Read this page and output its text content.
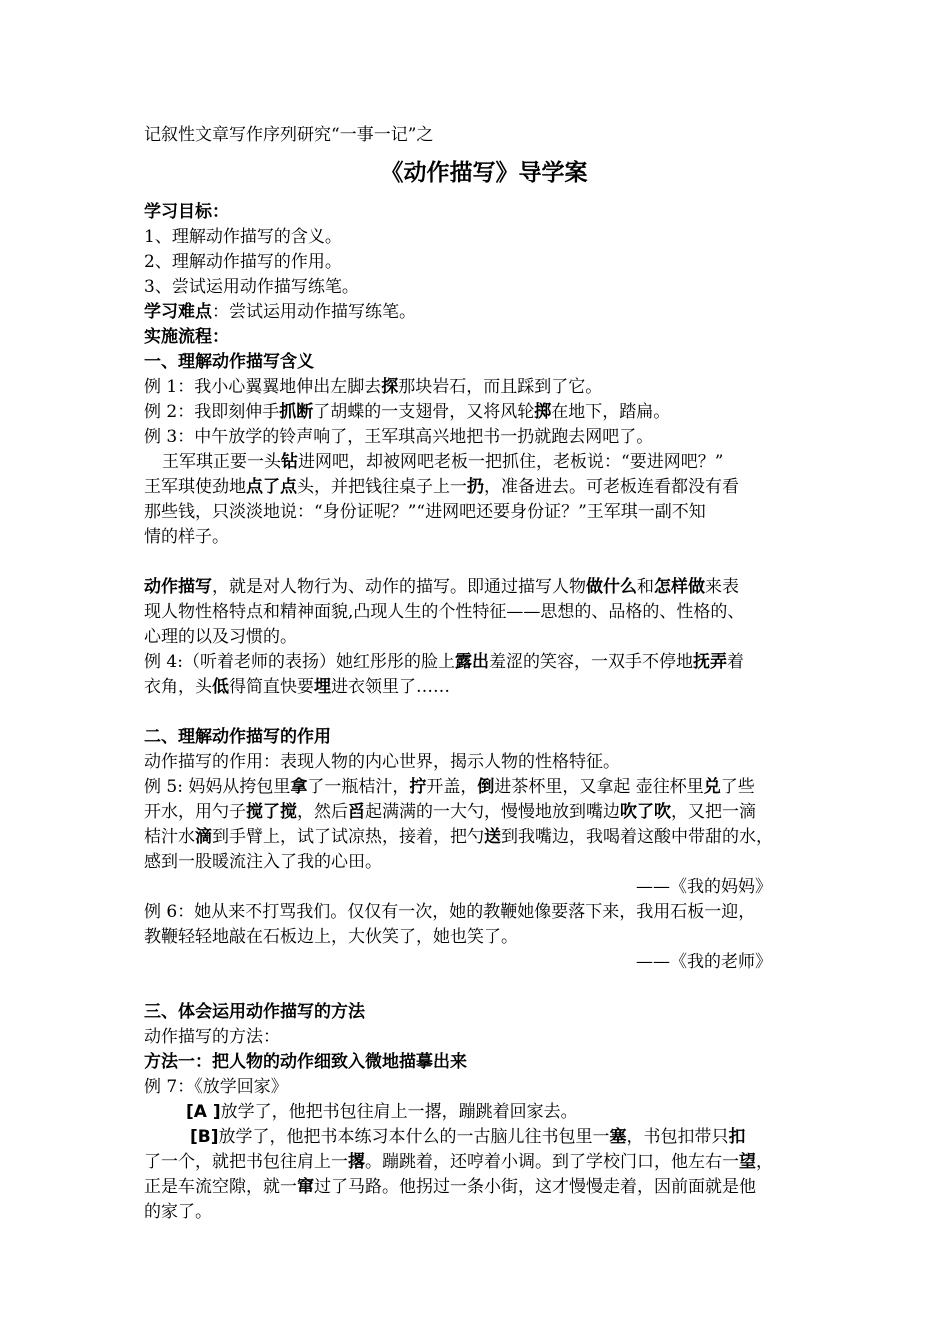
记叙性文章写作序列研究“一事一记”之

《动作描写》导学案

学习目标：

1、理解动作描写的含义。

2、理解动作描写的作用。

3、尝试运用动作描写练笔。

学习难点：尝试运用动作描写练笔。

实施流程：

一、理解动作描写含义

例 1：我小心翼翼地伸出左脚去探那块岩石，而且踩到了它。

例 2：我即刻伸手抓断了胡蝶的一支翅骨，又将风轮掷在地下，踏扁。

例 3：中午放学的铃声响了，王军琪高兴地把书一扔就跑去网吧了。

王军琪正要一头钻进网吧，却被网吧老板一把抓住，老板说：“要进网吧？”

王军琪使劲地点了点头，并把钱往桌子上一扔，准备进去。可老板连看都没有看

那些钱，只淡淡地说：“身份证呢？”“进网吧还要身份证？”王军琪一副不知

情的样子。

动作描写，就是对人物行为、动作的描写。即通过描写人物做什么和怎样做来表

现人物性格特点和精神面貌,凸现人生的个性特征——思想的、品格的、性格的、

心理的以及习惯的。

例 4:（听着老师的表扬）她红彤彤的脸上露出羞涩的笑容，一双手不停地抚弄着

衣角，头低得简直快要埋进衣领里了……

二、理解动作描写的作用

动作描写的作用：表现人物的内心世界，揭示人物的性格特征。

例 5: 妈妈从挎包里拿了一瓶桔汁，拧开盖，倒进茶杯里，又拿起 壶往杯里兑了些

开水，用勺子搅了搅，然后舀起满满的一大勺，慢慢地放到嘴边吹了吹，又把一滴

桔汁水滴到手臂上，试了试凉热，接着，把勺送到我嘴边，我喝着这酸中带甜的水，

感到一股暖流注入了我的心田。

——《我的妈妈》

例 6：她从来不打骂我们。仅仅有一次，她的教鞭她像要落下来，我用石板一迎，

教鞭轻轻地敲在石板边上，大伙笑了，她也笑了。

——《我的老师》

三、体会运用动作描写的方法

动作描写的方法：

方法一：把人物的动作细致入微地描摹出来

例 7：《放学回家》

[A ]放学了，他把书包往肩上一撂，蹦跳着回家去。

[B]放学了，他把书本练习本什么的一古脑儿往书包里一塞，书包扣带只扣

了一个，就把书包往肩上一撂。蹦跳着，还哼着小调。到了学校门口，他左右一望，

正是车流空隙，就一窜过了马路。他拐过一条小街，这才慢慢走着，因前面就是他

的家了。
